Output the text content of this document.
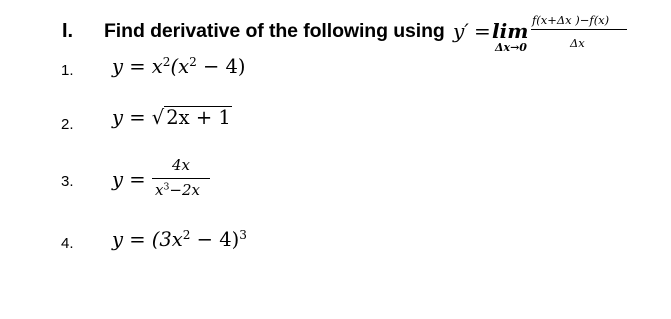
I. Find derivative of the following using y′ = lim
Δx→0
f(x+Δx )−f(x)
Δx
1. $y = x^2(x^2 - 4)$
2. y = √ 2x + 1
3. y =
4x
$x^3-2x$
4. $y = (3x^2 - 4)^3$
